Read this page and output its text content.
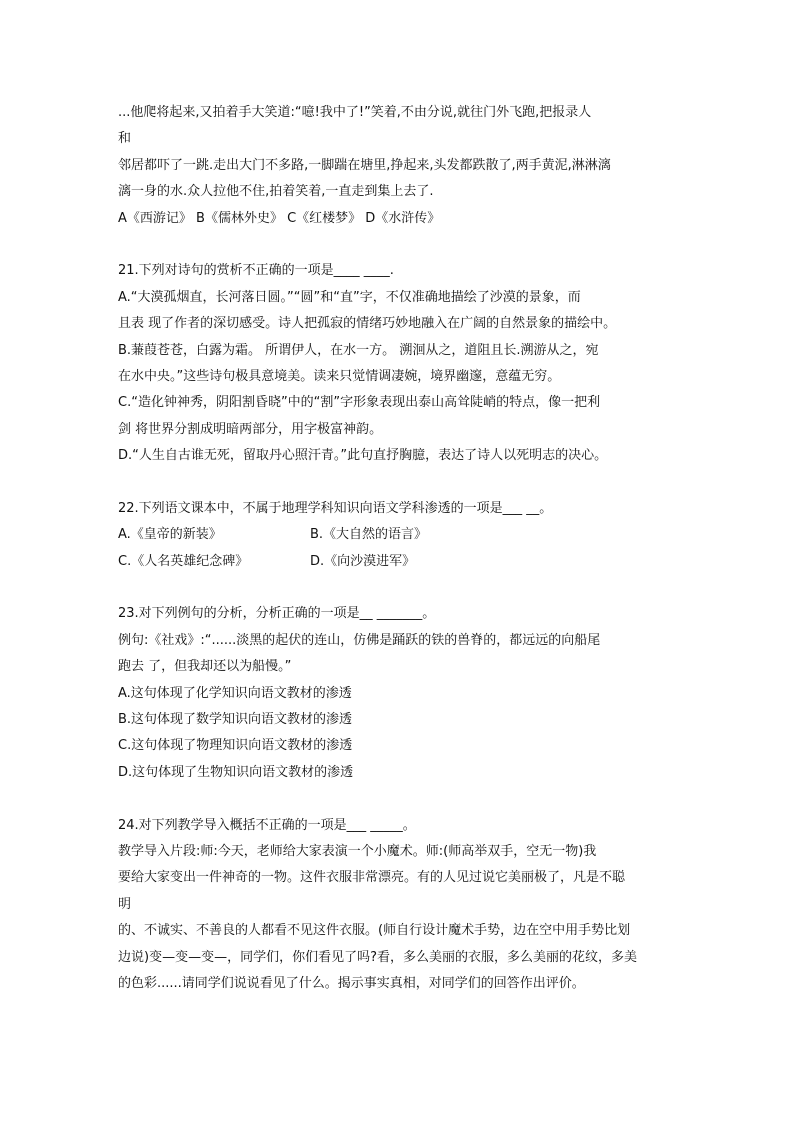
...他爬将起来,又拍着手大笑道:“噫!我中了!”笑着,不由分说,就往门外飞跑,把报录人
和
邻居都吓了一跳.走出大门不多路,一脚踹在塘里,挣起来,头发都跌散了,两手黄泥,淋淋漓
漓一身的水.众人拉他不住,拍着笑着,一直走到集上去了.
A《西游记》 B《儒林外史》 C《红楼梦》 D《水浒传》
21.下列对诗句的赏析不正确的一项是____ ____.
A.“大漠孤烟直，长河落日圆。”“圆”和“直”字，不仅准确地描绘了沙漠的景象，而
且表 现了作者的深切感受。诗人把孤寂的情绪巧妙地融入在广阔的自然景象的描绘中。
B.蒹葭苍苍，白露为霜。 所谓伊人，在水一方。 溯洄从之，道阻且长.溯游从之，宛
在水中央。”这些诗句极具意境美。读来只觉情调凄婉，境界幽邃，意蕴无穷。
C.“造化钟神秀，阴阳割昏晓”中的“割”字形象表现出泰山高耸陡峭的特点，像一把利
剑 将世界分割成明暗两部分，用字极富神韵。
D.“人生自古谁无死，留取丹心照汗青。”此句直抒胸臆，表达了诗人以死明志的决心。
22.下列语文课本中，不属于地理学科知识向语文学科渗透的一项是___ __。
A.《皇帝的新装》	B.《大自然的语言》
C.《人名英雄纪念碑》	D.《向沙漠进军》
23.对下列例句的分析，分析正确的一项是__ _______。
例句:《社戏》:“......淡黑的起伏的连山，仿佛是踊跃的铁的兽脊的，都远远的向船尾
跑去 了，但我却还以为船慢。”
A.这句体现了化学知识向语文教材的渗透
B.这句体现了数学知识向语文教材的渗透
C.这句体现了物理知识向语文教材的渗透
D.这句体现了生物知识向语文教材的渗透
24.对下列教学导入概括不正确的一项是___ _____。
教学导入片段:师:今天，老师给大家表演一个小魔术。师:(师高举双手，空无一物)我
要给大家变出一件神奇的一物。这件衣服非常漂亮。有的人见过说它美丽极了，凡是不聪
明
的、不诚实、不善良的人都看不见这件衣服。(师自行设计魔术手势，边在空中用手势比划
边说)变—变—变—，同学们，你们看见了吗?看，多么美丽的衣服，多么美丽的花纹，多美
的色彩......请同学们说说看见了什么。揭示事实真相，对同学们的回答作出评价。
